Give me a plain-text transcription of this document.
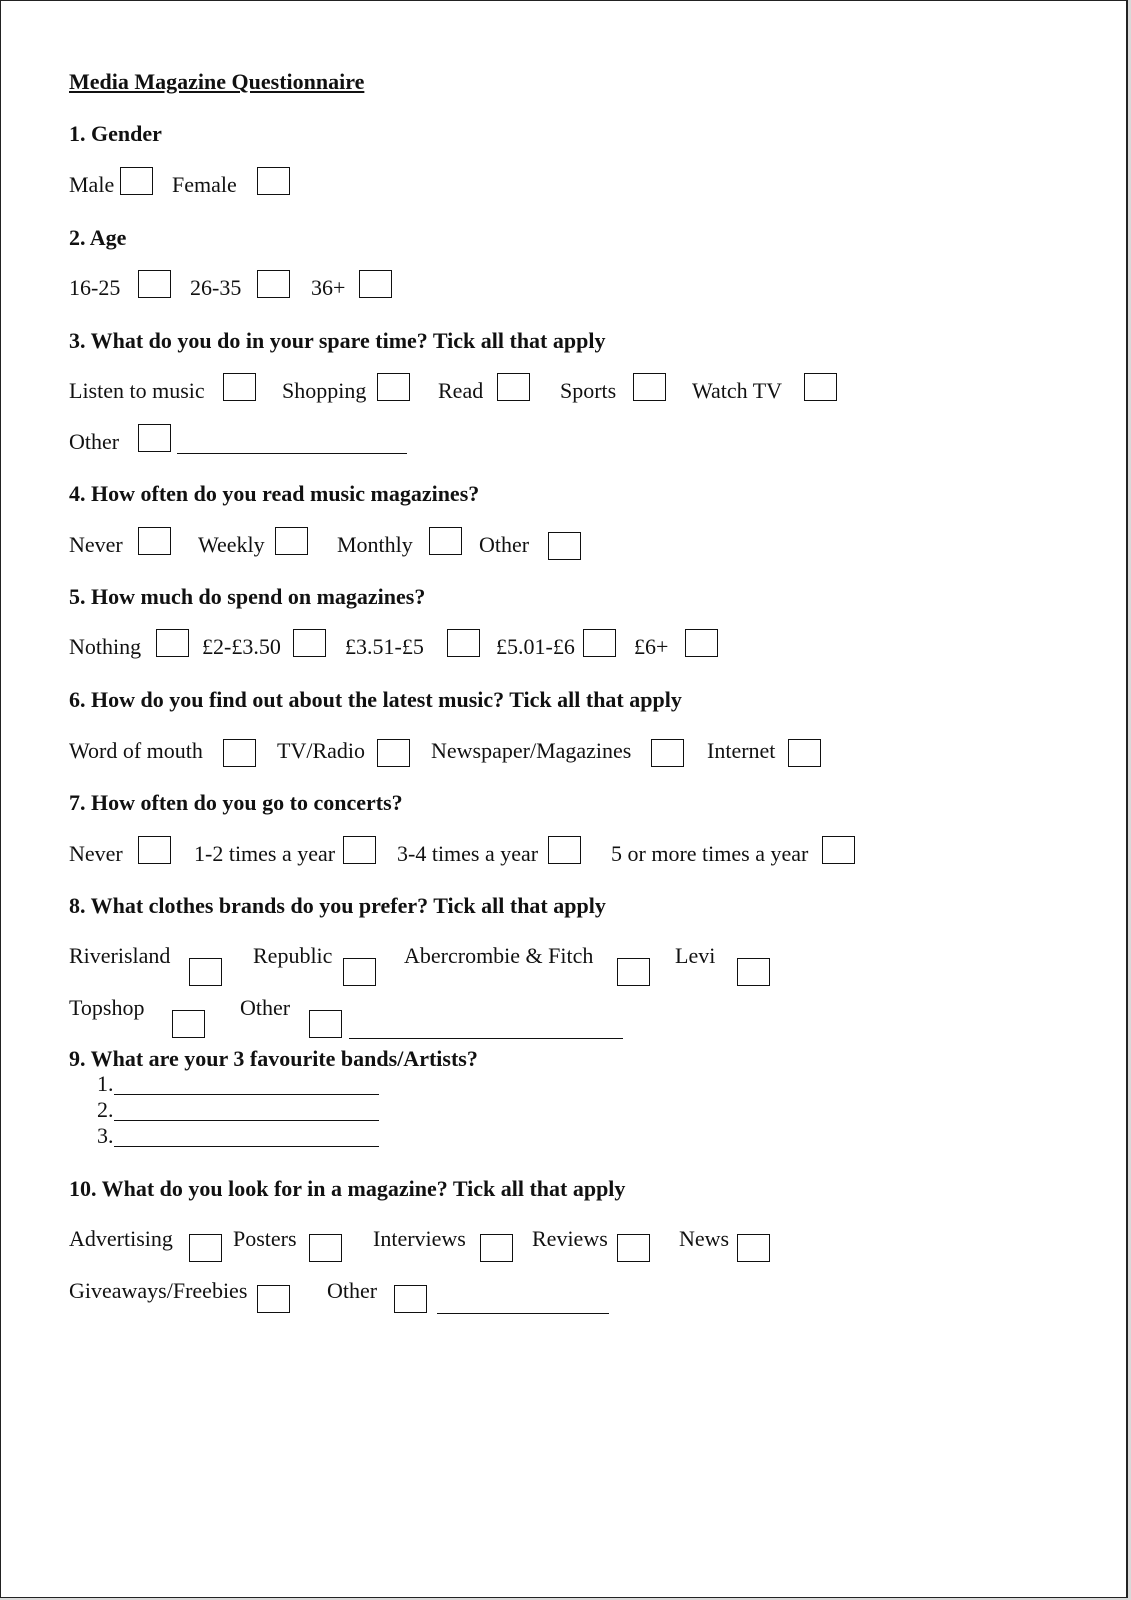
Media Magazine Questionnaire
1. Gender
Male	Female
2. Age
16-25	26-35	36+
3. What do you do in your spare time? Tick all that apply
Listen to music	Shopping	Read	Sports	Watch TV
Other
4. How often do you read music magazines?
Never	Weekly	Monthly	Other
5. How much do spend on magazines?
Nothing	£2-£3.50	£3.51-£5	£5.01-£6	£6+
6. How do you find out about the latest music? Tick all that apply
Word of mouth	TV/Radio	Newspaper/Magazines	Internet
7. How often do you go to concerts?
Never	1-2 times a year	3-4 times a year	5 or more times a year
8. What clothes brands do you prefer? Tick all that apply
Riverisland	Republic	Abercrombie & Fitch	Levi
Topshop	Other
9. What are your 3 favourite bands/Artists?
1.
2.
3.
10. What do you look for in a magazine? Tick all that apply
Advertising	Posters	Interviews	Reviews	News
Giveaways/Freebies	Other
